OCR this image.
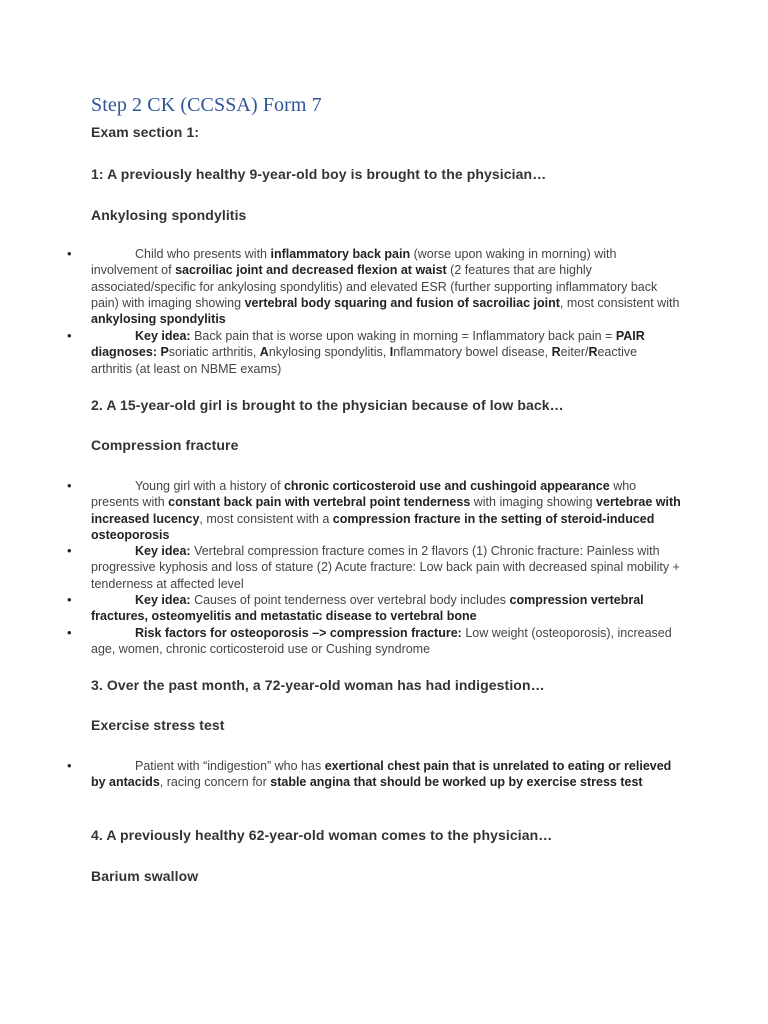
Step 2 CK (CCSSA) Form 7
Exam section 1:
1: A previously healthy 9-year-old boy is brought to the physician…
Ankylosing spondylitis
•	Child who presents with inflammatory back pain (worse upon waking in morning) with involvement of sacroiliac joint and decreased flexion at waist (2 features that are highly associated/specific for ankylosing spondylitis) and elevated ESR (further supporting inflammatory back pain) with imaging showing vertebral body squaring and fusion of sacroiliac joint, most consistent with ankylosing spondylitis
•	Key idea: Back pain that is worse upon waking in morning = Inflammatory back pain = PAIR diagnoses: Psoriatic arthritis, Ankylosing spondylitis, Inflammatory bowel disease, Reiter/Reactive arthritis (at least on NBME exams)
2. A 15-year-old girl is brought to the physician because of low back…
Compression fracture
•	Young girl with a history of chronic corticosteroid use and cushingoid appearance who presents with constant back pain with vertebral point tenderness with imaging showing vertebrae with increased lucency, most consistent with a compression fracture in the setting of steroid-induced osteoporosis
•	Key idea: Vertebral compression fracture comes in 2 flavors (1) Chronic fracture: Painless with progressive kyphosis and loss of stature (2) Acute fracture: Low back pain with decreased spinal mobility + tenderness at affected level
•	Key idea: Causes of point tenderness over vertebral body includes compression vertebral fractures, osteomyelitis and metastatic disease to vertebral bone
•	Risk factors for osteoporosis –> compression fracture: Low weight (osteoporosis), increased age, women, chronic corticosteroid use or Cushing syndrome
3. Over the past month, a 72-year-old woman has had indigestion…
Exercise stress test
•	Patient with “indigestion” who has exertional chest pain that is unrelated to eating or relieved by antacids, racing concern for stable angina that should be worked up by exercise stress test
4. A previously healthy 62-year-old woman comes to the physician…
Barium swallow
